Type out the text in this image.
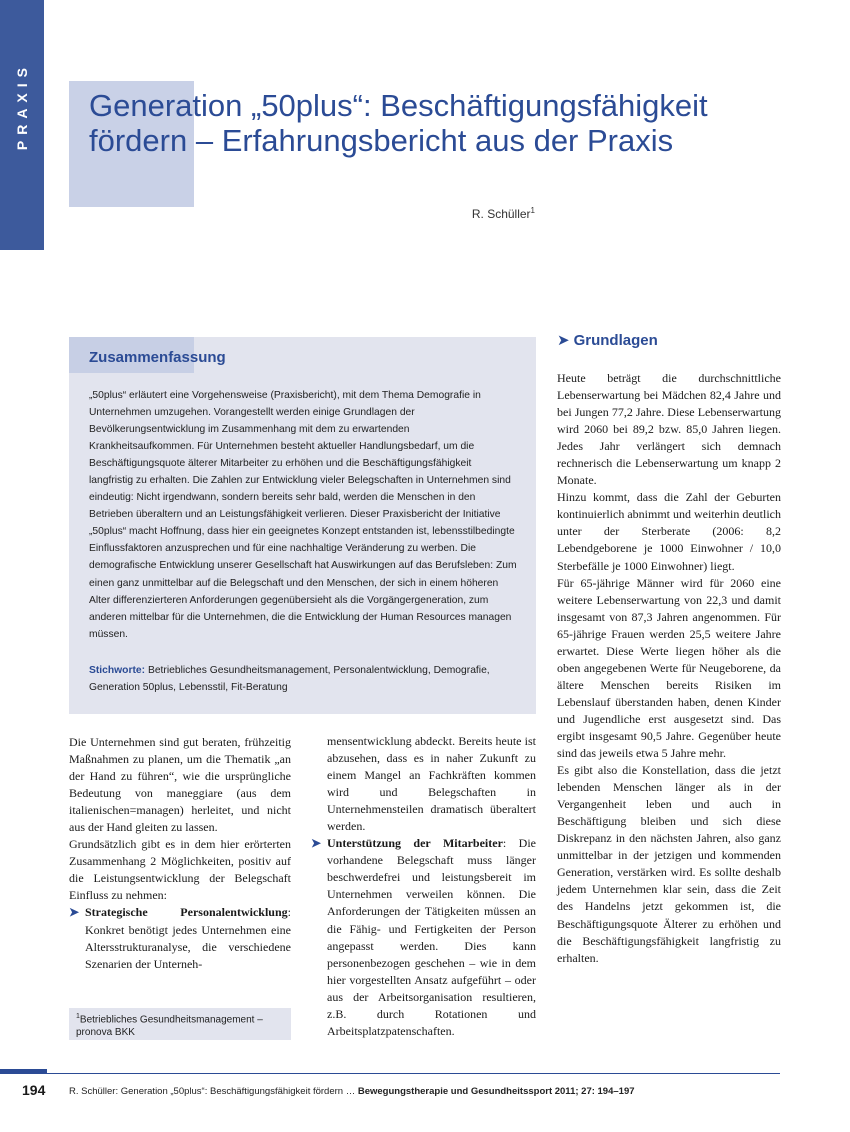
PRAXIS Generation „50plus“: Beschäftigungsfähigkeit fördern – Erfahrungsbericht aus der Praxis
R. Schüller$^1$
Zusammenfassung

„50plus“ erläutert eine Vorgehensweise (Praxisbericht), mit dem Thema Demografie in Unternehmen umzugehen. Vorangestellt werden einige Grundlagen der Bevölkerungsentwicklung im Zusammenhang mit dem zu erwartenden Krankheitsaufkommen. Für Unternehmen besteht aktueller Handlungsbedarf, um die Beschäftigungsquote älterer Mitarbeiter zu erhöhen und die Beschäftigungsfähigkeit langfristig zu erhalten. Die Zahlen zur Entwicklung vieler Belegschaften in Unternehmen sind eindeutig: Nicht irgendwann, sondern bereits sehr bald, werden die Menschen in den Betrieben überaltern und an Leistungsfähigkeit verlieren. Dieser Praxisbericht der Initiative „50plus“ macht Hoffnung, dass hier ein geeignetes Konzept entstanden ist, lebensstilbedingte Einflussfaktoren anzusprechen und für eine nachhaltige Veränderung zu werben. Die demografische Entwicklung unserer Gesellschaft hat Auswirkungen auf das Berufsleben: Zum einen ganz unmittelbar auf die Belegschaft und den Menschen, der sich in einem höheren Alter differenzierteren Anforderungen gegenübersieht als die Vorgängergeneration, zum anderen mittelbar für die Unternehmen, die die Entwicklung der Human Resources managen müssen.

Stichworte: Betriebliches Gesundheitsmanagement, Personalentwicklung, Demografie, Generation 50plus, Lebensstil, Fit-Beratung

Die Unternehmen sind gut beraten, frühzeitig Maßnahmen zu planen, um die Thematik „an der Hand zu führen“, wie die ursprüngliche Bedeutung von maneggiare (aus dem italienischen=managen) herleitet, und nicht aus der Hand gleiten zu lassen.

Grundsätzlich gibt es in dem hier erörterten Zusammenhang 2 Möglichkeiten, positiv auf die Leistungsentwicklung der Belegschaft Einfluss zu nehmen:

➤ Strategische Personalentwicklung: Konkret benötigt jedes Unternehmen eine Altersstrukturanalyse, die verschiedene Szenarien der Unterneh-

$^1$Betriebliches Gesundheitsmanagement – pronova BKK

mensentwicklung abdeckt. Bereits heute ist abzusehen, dass es in naher Zukunft zu einem Mangel an Fachkräften kommen wird und Belegschaften in Unternehmensteilen dramatisch überaltert werden.
➤ Unterstützung der Mitarbeiter: Die vorhandene Belegschaft muss länger beschwerdefrei und leistungsbereit im Unternehmen verweilen können. Die Anforderungen der Tätigkeiten müssen an die Fähig- und Fertigkeiten der Person angepasst werden. Dies kann personenbezogen geschehen – wie in dem hier vorgestellten Ansatz aufgeführt – oder aus der Arbeitsorganisation resultieren, z.B. durch Rotationen und Arbeitsplatzpatenschaften.
➤ Grundlagen

Heute beträgt die durchschnittliche Lebenserwartung bei Mädchen 82,4 Jahre und bei Jungen 77,2 Jahre. Diese Lebenserwartung wird 2060 bei 89,2 bzw. 85,0 Jahren liegen. Jedes Jahr verlängert sich demnach rechnerisch die Lebenserwartung um knapp 2 Monate.

Hinzu kommt, dass die Zahl der Geburten kontinuierlich abnimmt und weiterhin deutlich unter der Sterberate (2006: 8,2 Lebendgeborene je 1000 Einwohner / 10,0 Sterbefälle je 1000 Einwohner) liegt.

Für 65-jährige Männer wird für 2060 eine weitere Lebenserwartung von 22,3 und damit insgesamt von 87,3 Jahren angenommen. Für 65-jährige Frauen werden 25,5 weitere Jahre erwartet. Diese Werte liegen höher als die oben angegebenen Werte für Neugeborene, da ältere Menschen bereits Risiken im Lebenslauf überstanden haben, denen Kinder und Jugendliche erst ausgesetzt sind. Das ergibt insgesamt 90,5 Jahre. Gegenüber heute sind das jeweils etwa 5 Jahre mehr.

Es gibt also die Konstellation, dass die jetzt lebenden Menschen länger als in der Vergangenheit leben und auch in Beschäftigung bleiben und sich diese Diskrepanz in den nächsten Jahren, also ganz unmittelbar in der jetzigen und kommenden Generation, verstärken wird. Es sollte deshalb jedem Unternehmen klar sein, dass die Zeit des Handelns jetzt gekommen ist, die Beschäftigungsquote Älterer zu erhöhen und die Beschäftigungsfähigkeit langfristig zu erhalten.

194 R. Schüller: Generation „50plus“: Beschäftigungsfähigkeit fördern … Bewegungstherapie und Gesundheitssport 2011; 27: 194–197
